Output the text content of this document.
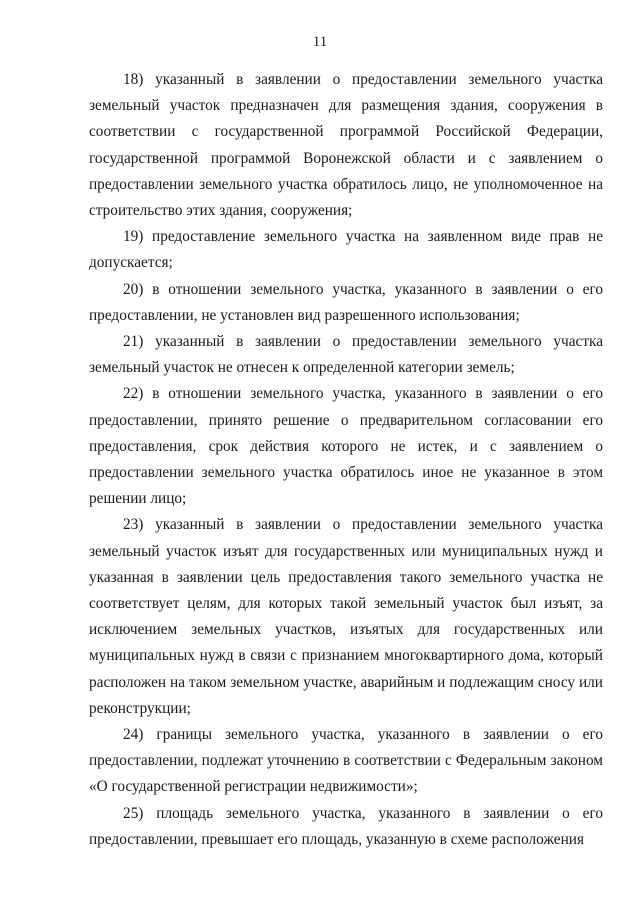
11

18) указанный в заявлении о предоставлении земельного участка земельный участок предназначен для размещения здания, сооружения в соответствии с государственной программой Российской Федерации, государственной программой Воронежской области и с заявлением о предоставлении земельного участка обратилось лицо, не уполномоченное на строительство этих здания, сооружения;

19) предоставление земельного участка на заявленном виде прав не допускается;

20) в отношении земельного участка, указанного в заявлении о его предоставлении, не установлен вид разрешенного использования;

21) указанный в заявлении о предоставлении земельного участка земельный участок не отнесен к определенной категории земель;

22) в отношении земельного участка, указанного в заявлении о его предоставлении, принято решение о предварительном согласовании его предоставления, срок действия которого не истек, и с заявлением о предоставлении земельного участка обратилось иное не указанное в этом решении лицо;

23) указанный в заявлении о предоставлении земельного участка земельный участок изъят для государственных или муниципальных нужд и указанная в заявлении цель предоставления такого земельного участка не соответствует целям, для которых такой земельный участок был изъят, за исключением земельных участков, изъятых для государственных или муниципальных нужд в связи с признанием многоквартирного дома, который расположен на таком земельном участке, аварийным и подлежащим сносу или реконструкции;

24) границы земельного участка, указанного в заявлении о его предоставлении, подлежат уточнению в соответствии с Федеральным законом «О государственной регистрации недвижимости»;

25) площадь земельного участка, указанного в заявлении о его предоставлении, превышает его площадь, указанную в схеме расположения
